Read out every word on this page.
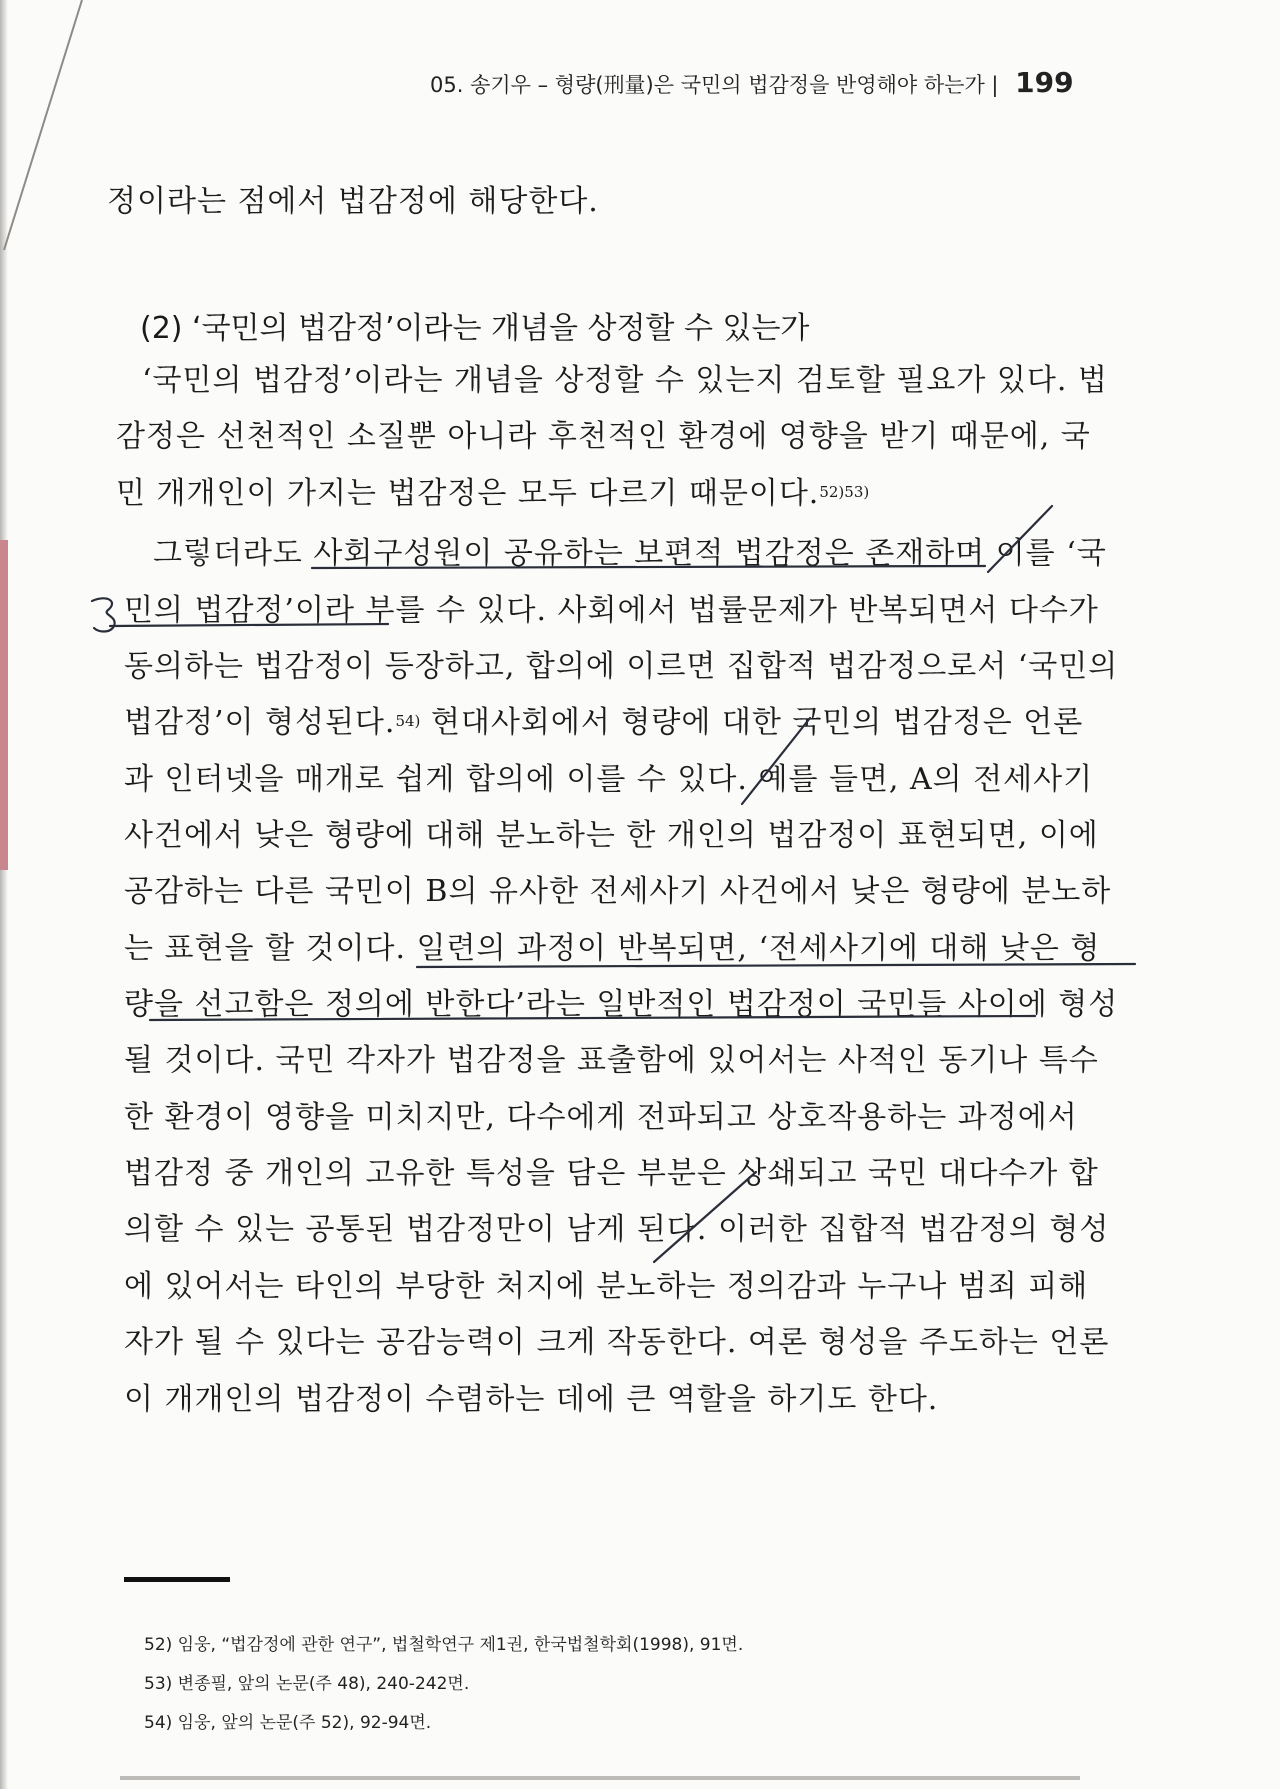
05. 송기우 – 형량(刑量)은 국민의 법감정을 반영해야 하는가 | 199
정이라는 점에서 법감정에 해당한다.
(2) ‘국민의 법감정’이라는 개념을 상정할 수 있는가
‘국민의 법감정’이라는 개념을 상정할 수 있는지 검토할 필요가 있다. 법
감정은 선천적인 소질뿐 아니라 후천적인 환경에 영향을 받기 때문에, 국
민 개개인이 가지는 법감정은 모두 다르기 때문이다.$^{52)53)}$
그렇더라도 사회구성원이 공유하는 보편적 법감정은 존재하며 이를 ‘국
민의 법감정’이라 부를 수 있다. 사회에서 법률문제가 반복되면서 다수가
동의하는 법감정이 등장하고, 합의에 이르면 집합적 법감정으로서 ‘국민의
법감정’이 형성된다.$^{54)}$ 현대사회에서 형량에 대한 국민의 법감정은 언론
과 인터넷을 매개로 쉽게 합의에 이를 수 있다. 예를 들면, A의 전세사기
사건에서 낮은 형량에 대해 분노하는 한 개인의 법감정이 표현되면, 이에
공감하는 다른 국민이 B의 유사한 전세사기 사건에서 낮은 형량에 분노하
는 표현을 할 것이다. 일련의 과정이 반복되면, ‘전세사기에 대해 낮은 형
량을 선고함은 정의에 반한다’라는 일반적인 법감정이 국민들 사이에 형성
될 것이다. 국민 각자가 법감정을 표출함에 있어서는 사적인 동기나 특수
한 환경이 영향을 미치지만, 다수에게 전파되고 상호작용하는 과정에서
법감정 중 개인의 고유한 특성을 담은 부분은 상쇄되고 국민 대다수가 합
의할 수 있는 공통된 법감정만이 남게 된다. 이러한 집합적 법감정의 형성
에 있어서는 타인의 부당한 처지에 분노하는 정의감과 누구나 범죄 피해
자가 될 수 있다는 공감능력이 크게 작동한다. 여론 형성을 주도하는 언론
이 개개인의 법감정이 수렴하는 데에 큰 역할을 하기도 한다.
52) 임웅, “법감정에 관한 연구”, 법철학연구 제1권, 한국법철학회(1998), 91면.
53) 변종필, 앞의 논문(주 48), 240-242면.
54) 임웅, 앞의 논문(주 52), 92-94면.
